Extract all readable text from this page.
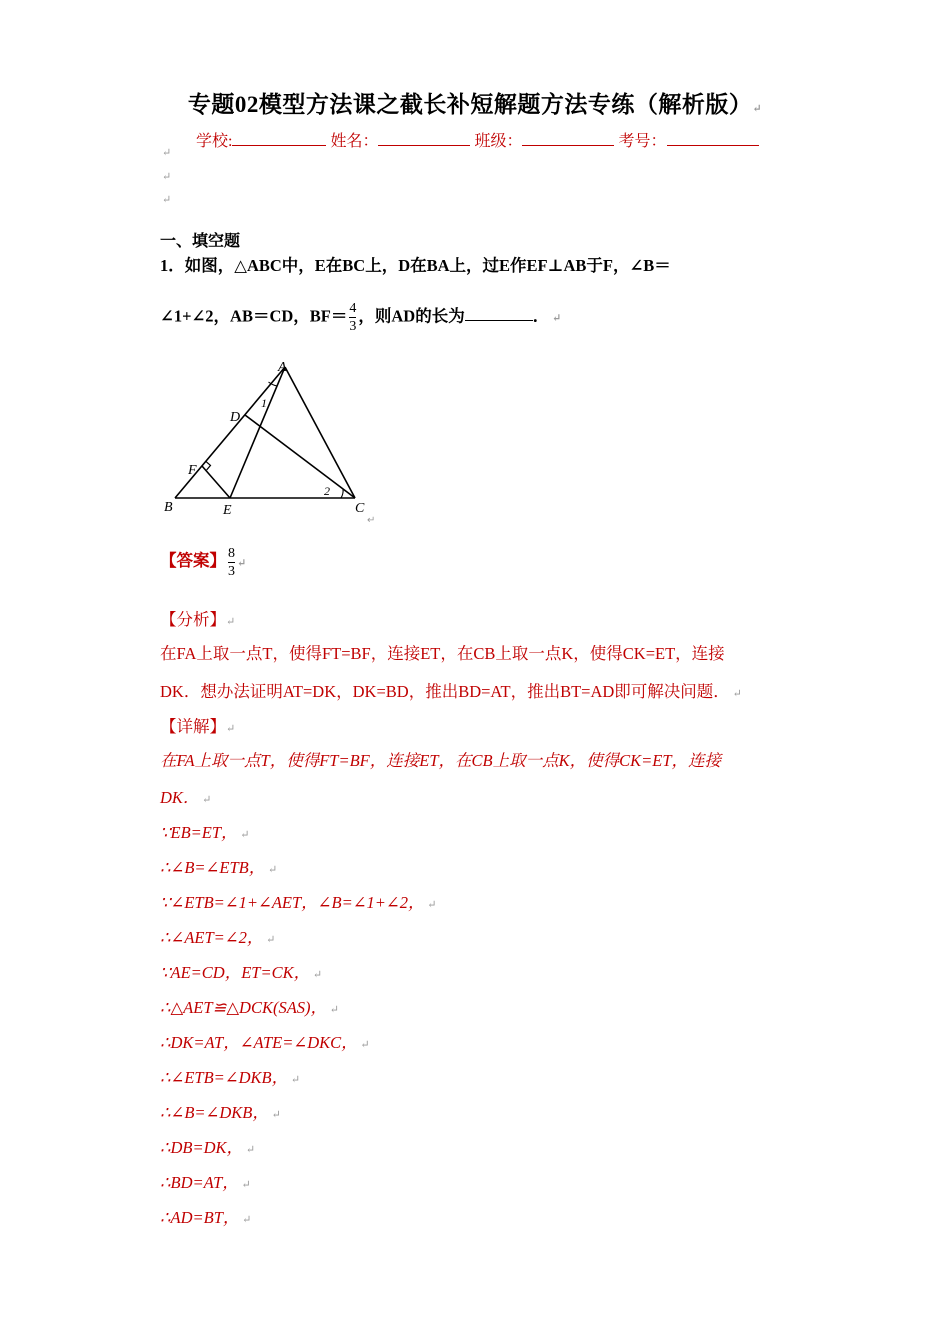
专题02模型方法课之截长补短解题方法专练（解析版）↵
学校:	姓名：	班级：	考号：
↵
↵
↵
一、填空题
1．如图，△ABC中，E在BC上，D在BA上，过E作EF⊥AB于F，∠B＝
∠1+∠2，AB＝CD，$BF= \frac{4}{3}$ ，则AD的长为	． ↵
A
B	C
D
E
F
1
2
↵
【答案】 $\frac{8}{3}$ ↵
【分析】↵
在FA上取一点T，使得FT=BF，连接ET，在CB上取一点K，使得CK=ET，连接
DK．想办法证明AT=DK，DK=BD，推出BD=AT，推出BT=AD即可解决问题． ↵
【详解】↵
在FA上取一点T，使得FT=BF，连接ET，在CB上取一点K，使得CK=ET，连接
DK． ↵
∵EB=ET， ↵
∴∠B=∠ETB， ↵
∵∠ETB=∠1+∠AET，∠B=∠1+∠2， ↵
∴∠AET=∠2， ↵
∵AE=CD，ET=CK， ↵
∴△AET≌△DCK(SAS)， ↵
∴DK=AT，∠ATE=∠DKC， ↵
∴∠ETB=∠DKB， ↵
∴∠B=∠DKB， ↵
∴DB=DK， ↵
∴BD=AT， ↵
∴AD=BT， ↵
